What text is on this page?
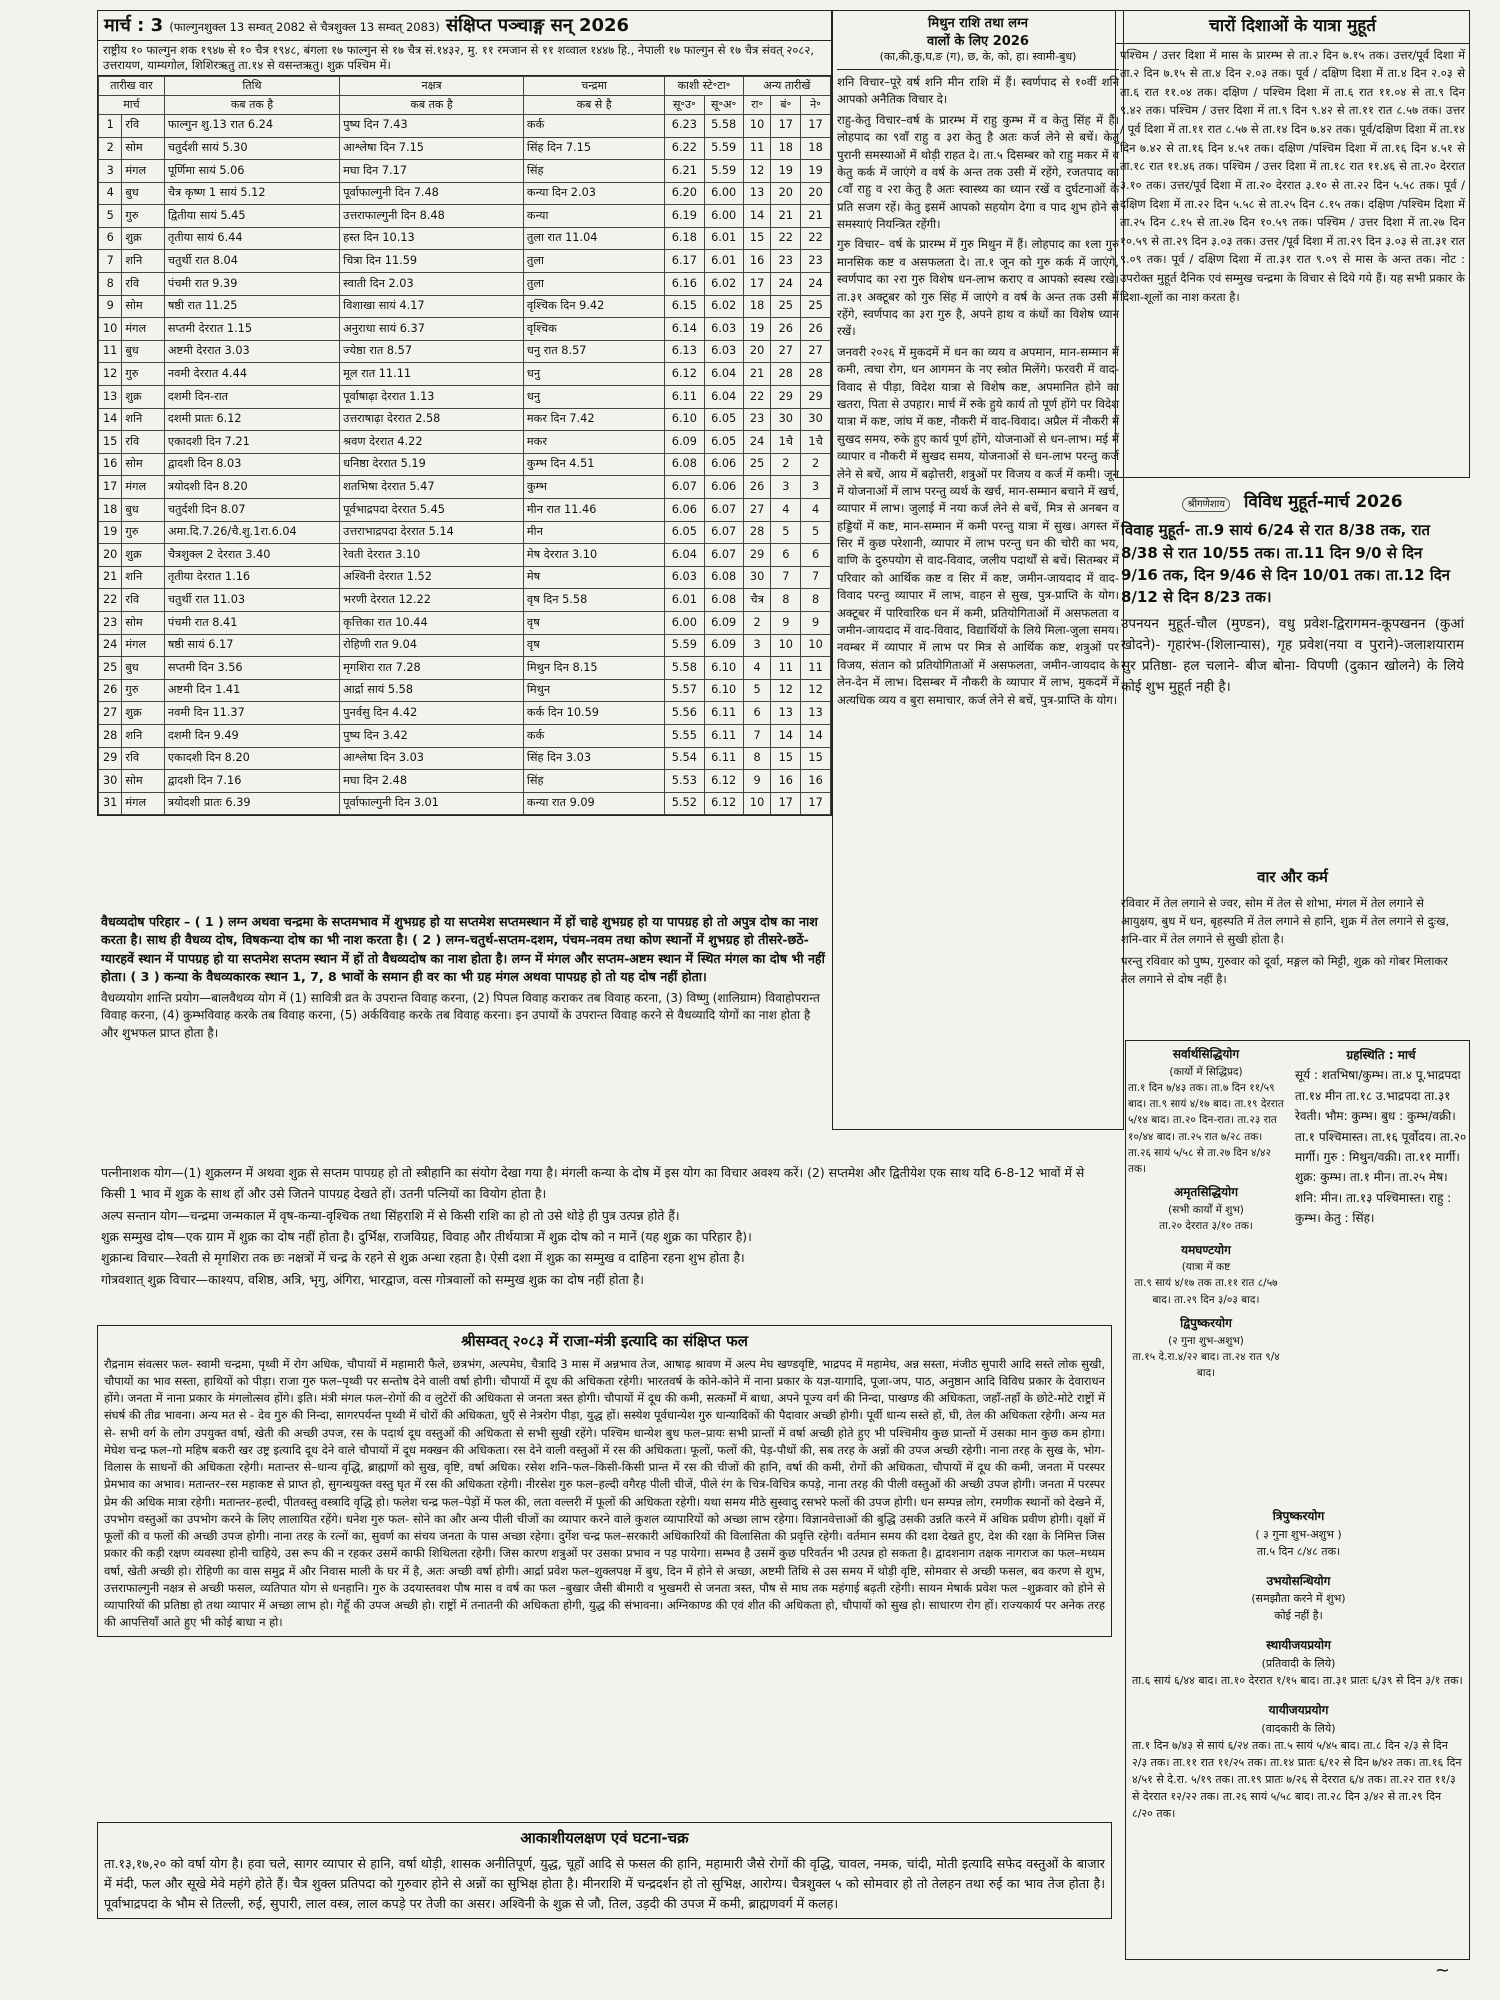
मार्च : 3 (फाल्गुनशुक्ल 13 सम्वत् 2082 से चैत्रशुक्ल 13 सम्वत् 2083) संक्षिप्त पञ्चाङ्ग सन् 2026
राष्ट्रीय १० फाल्गुन शक १९४७ से १० चैत्र १९४८, बंगला १७ फाल्गुन से १७ चैत्र सं.१४३२, मु. ११ रमजान से ११ शव्वाल १४४७ हि., नेपाली १७ फाल्गुन से १७ चैत्र संवत् २०८२, उत्तरायण, याम्यगोल, शिशिरऋतु ता.१४ से वसन्तऋतु। शुक्र पश्चिम में।
तारीख वार		तिथि	नक्षत्र	चन्द्रमा	काशी स्टे॰टा॰		अन्य तारीखें		
मार्च		कब तक है	कब तक है	कब से है	सू॰उ॰	सू॰अ॰	रा॰	बं॰	ने॰
1	रवि	फाल्गुन शु.13 रात 6.24	पुष्य दिन 7.43	कर्क	6.23	5.58	10	17	17
2	सोम	चतुर्दशी सायं 5.30	आश्लेषा दिन 7.15	सिंह दिन 7.15	6.22	5.59	11	18	18
3	मंगल	पूर्णिमा सायं 5.06	मघा दिन 7.17	सिंह	6.21	5.59	12	19	19
4	बुध	चैत्र कृष्ण 1 सायं 5.12	पूर्वाफाल्गुनी दिन 7.48	कन्या दिन 2.03	6.20	6.00	13	20	20
5	गुरु	द्वितीया सायं 5.45	उत्तराफाल्गुनी दिन 8.48	कन्या	6.19	6.00	14	21	21
6	शुक्र	तृतीया सायं 6.44	हस्त दिन 10.13	तुला रात 11.04	6.18	6.01	15	22	22
7	शनि	चतुर्थी रात 8.04	चित्रा दिन 11.59	तुला	6.17	6.01	16	23	23
8	रवि	पंचमी रात 9.39	स्वाती दिन 2.03	तुला	6.16	6.02	17	24	24
9	सोम	षष्ठी रात 11.25	विशाखा सायं 4.17	वृश्चिक दिन 9.42	6.15	6.02	18	25	25
10	मंगल	सप्तमी देररात 1.15	अनुराधा सायं 6.37	वृश्चिक	6.14	6.03	19	26	26
11	बुध	अष्टमी देररात 3.03	ज्येष्ठा रात 8.57	धनु रात 8.57	6.13	6.03	20	27	27
12	गुरु	नवमी देररात 4.44	मूल रात 11.11	धनु	6.12	6.04	21	28	28
13	शुक्र	दशमी दिन-रात	पूर्वाषाढ़ा देररात 1.13	धनु	6.11	6.04	22	29	29
14	शनि	दशमी प्रातः 6.12	उत्तराषाढ़ा देररात 2.58	मकर दिन 7.42	6.10	6.05	23	30	30
15	रवि	एकादशी दिन 7.21	श्रवण देररात 4.22	मकर	6.09	6.05	24	1चै	1चै
16	सोम	द्वादशी दिन 8.03	धनिष्ठा देररात 5.19	कुम्भ दिन 4.51	6.08	6.06	25	2	2
17	मंगल	त्रयोदशी दिन 8.20	शतभिषा देररात 5.47	कुम्भ	6.07	6.06	26	3	3
18	बुध	चतुर्दशी दिन 8.07	पूर्वभाद्रपदा देररात 5.45	मीन रात 11.46	6.06	6.07	27	4	4
19	गुरु	अमा.दि.7.26/चै.शु.1रा.6.04	उत्तराभाद्रपदा देररात 5.14	मीन	6.05	6.07	28	5	5
20	शुक्र	चैत्रशुक्ल 2 देररात 3.40	रेवती देररात 3.10	मेष देररात 3.10	6.04	6.07	29	6	6
21	शनि	तृतीया देररात 1.16	अश्विनी देररात 1.52	मेष	6.03	6.08	30	7	7
22	रवि	चतुर्थी रात 11.03	भरणी देररात 12.22	वृष दिन 5.58	6.01	6.08	चैत्र	8	8
23	सोम	पंचमी रात 8.41	कृत्तिका रात 10.44	वृष	6.00	6.09	2	9	9
24	मंगल	षष्ठी सायं 6.17	रोहिणी रात 9.04	वृष	5.59	6.09	3	10	10
25	बुध	सप्तमी दिन 3.56	मृगशिरा रात 7.28	मिथुन दिन 8.15	5.58	6.10	4	11	11
26	गुरु	अष्टमी दिन 1.41	आर्द्रा सायं 5.58	मिथुन	5.57	6.10	5	12	12
27	शुक्र	नवमी दिन 11.37	पुनर्वसु दिन 4.42	कर्क दिन 10.59	5.56	6.11	6	13	13
28	शनि	दशमी दिन 9.49	पुष्य दिन 3.42	कर्क	5.55	6.11	7	14	14
29	रवि	एकादशी दिन 8.20	आश्लेषा दिन 3.03	सिंह दिन 3.03	5.54	6.11	8	15	15
30	सोम	द्वादशी दिन 7.16	मघा दिन 2.48	सिंह	5.53	6.12	9	16	16
31	मंगल	त्रयोदशी प्रातः 6.39	पूर्वाफाल्गुनी दिन 3.01	कन्या रात 9.09	5.52	6.12	10	17	17

वैधव्यदोष परिहार – ( 1 ) लग्न अथवा चन्द्रमा के सप्तमभाव में शुभग्रह हो या सप्तमेश सप्तमस्थान में हों चाहे शुभग्रह हो या पापग्रह हो तो अपुत्र दोष का नाश करता है। साथ ही वैधव्य दोष, विषकन्या दोष का भी नाश करता है। ( 2 ) लग्न-चतुर्थ-सप्तम-दशम, पंचम-नवम तथा कोण स्थानों में शुभग्रह हो तीसरे-छठें-ग्यारहवें स्थान में पापग्रह हो या सप्तमेश सप्तम स्थान में हों तो वैधव्यदोष का नाश होता है। लग्न में मंगल और सप्तम-अष्टम स्थान में स्थित मंगल का दोष भी नहीं होता। ( 3 ) कन्या के वैधव्यकारक स्थान 1, 7, 8 भावों के समान ही वर का भी ग्रह मंगल अथवा पापग्रह हो तो यह दोष नहीं होता।

वैधव्ययोग शान्ति प्रयोग—बालवैधव्य योग में (1) सावित्री व्रत के उपरान्त विवाह करना, (2) पिपल विवाह कराकर तब विवाह करना, (3) विष्णु (शालिग्राम) विवाहोपरान्त विवाह करना, (4) कुम्भविवाह करके तब विवाह करना, (5) अर्कविवाह करके तब विवाह करना। इन उपायों के उपरान्त विवाह करने से वैधव्यादि योगों का नाश होता है और शुभफल प्राप्त होता है।

मिथुन राशि तथा लग्न
वालों के लिए 2026
(का,की,कु,घ,ङ (ग), छ, के, को, हा। स्वामी-बुध)

शनि विचार–पूरे वर्ष शनि मीन राशि में हैं। स्वर्णपाद से १०वीं शनि आपको अनैतिक विचार दे।

राहु-केतु विचार–वर्ष के प्रारम्भ में राहु कुम्भ में व केतु सिंह में हैं। लोहपाद का ९वाँ राहु व ३रा केतु है अतः कर्ज लेने से बचें। केतु पुरानी समस्याओं में थोड़ी राहत दे। ता.५ दिसम्बर को राहु मकर में व केतु कर्क में जाएंगे व वर्ष के अन्त तक उसी में रहेंगे, रजतपाद का ८वाँ राहु व २रा केतु है अतः स्वास्थ्य का ध्यान रखें व दुर्घटनाओं के प्रति सजग रहें। केतु इसमें आपको सहयोग देगा व पाद शुभ होने से समस्याएं नियन्त्रित रहेंगी।

गुरु विचार– वर्ष के प्रारम्भ में गुरु मिथुन में हैं। लोहपाद का १ला गुरु मानसिक कष्ट व असफलता दे। ता.१ जून को गुरु कर्क में जाएंगे, स्वर्णपाद का २रा गुरु विशेष धन-लाभ कराए व आपको स्वस्थ रखे। ता.३१ अक्टूबर को गुरु सिंह में जाएंगे व वर्ष के अन्त तक उसी में रहेंगे, स्वर्णपाद का ३रा गुरु है, अपने हाथ व कंधों का विशेष ध्यान रखें।

जनवरी २०२६ में मुकदमें में धन का व्यय व अपमान, मान-सम्मान में कमी, त्वचा रोग, धन आगमन के नए स्त्रोत मिलेंगे। फरवरी में वाद-विवाद से पीड़ा, विदेश यात्रा से विशेष कष्ट, अपमानित होने का खतरा, पिता से उपहार। मार्च में रुके हुये कार्य तो पूर्ण होंगे पर विदेश यात्रा में कष्ट, जांघ में कष्ट, नौकरी में वाद-विवाद। अप्रैल में नौकरी में सुखद समय, रुके हुए कार्य पूर्ण होंगे, योजनाओं से धन-लाभ। मई में व्यापार व नौकरी में सुखद समय, योजनाओं से धन-लाभ परन्तु कर्ज लेने से बचें, आय में बढ़ोत्तरी, शत्रुओं पर विजय व कर्ज में कमी। जून में योजनाओं में लाभ परन्तु व्यर्थ के खर्च, मान-सम्मान बचाने में खर्च, व्यापार में लाभ। जुलाई में नया कर्ज लेने से बचें, मित्र से अनबन व हड्डियों में कष्ट, मान-सम्मान में कमी परन्तु यात्रा में सुख। अगस्त में सिर में कुछ परेशानी, व्यापार में लाभ परन्तु धन की चोरी का भय, वाणि के दुरुपयोग से वाद-विवाद, जलीय पदार्थों से बचें। सितम्बर में परिवार को आर्थिक कष्ट व सिर में कष्ट, जमीन-जायदाद में वाद-विवाद परन्तु व्यापार में लाभ, वाहन से सुख, पुत्र-प्राप्ति के योग। अक्टूबर में पारिवारिक धन में कमी, प्रतियोगिताओं में असफलता व जमीन-जायदाद में वाद-विवाद, विद्यार्थियों के लिये मिला-जुला समय। नवम्बर में व्यापार में लाभ पर मित्र से आर्थिक कष्ट, शत्रुओं पर विजय, संतान को प्रतियोगिताओं में असफलता, जमीन-जायदाद के लेन-देन में लाभ। दिसम्बर में नौकरी के व्यापार में लाभ, मुकदमें में अत्यधिक व्यय व बुरा समाचार, कर्ज लेने से बचें, पुत्र-प्राप्ति के योग।

चारों दिशाओं के यात्रा मुहूर्त

पश्चिम / उत्तर दिशा में मास के प्रारम्भ से ता.२ दिन ७.१५ तक। उत्तर/पूर्व दिशा में ता.२ दिन ७.१५ से ता.४ दिन २.०३ तक। पूर्व / दक्षिण दिशा में ता.४ दिन २.०३ से ता.६ रात ११.०४ तक। दक्षिण / पश्चिम दिशा में ता.६ रात ११.०४ से ता.९ दिन ९.४२ तक। पश्चिम / उत्तर दिशा में ता.९ दिन ९.४२ से ता.११ रात ८.५७ तक। उत्तर / पूर्व दिशा में ता.११ रात ८.५७ से ता.१४ दिन ७.४२ तक। पूर्व/दक्षिण दिशा में ता.१४ दिन ७.४२ से ता.१६ दिन ४.५१ तक। दक्षिण /पश्चिम दिशा में ता.१६ दिन ४.५१ से ता.१८ रात ११.४६ तक। पश्चिम / उत्तर दिशा में ता.१८ रात ११.४६ से ता.२० देररात ३.१० तक। उत्तर/पूर्व दिशा में ता.२० देररात ३.१० से ता.२२ दिन ५.५८ तक। पूर्व / दक्षिण दिशा में ता.२२ दिन ५.५८ से ता.२५ दिन ८.१५ तक। दक्षिण /पश्चिम दिशा में ता.२५ दिन ८.१५ से ता.२७ दिन १०.५९ तक। पश्चिम / उत्तर दिशा में ता.२७ दिन १०.५९ से ता.२९ दिन ३.०३ तक। उत्तर /पूर्व दिशा में ता.२९ दिन ३.०३ से ता.३१ रात ९.०९ तक। पूर्व / दक्षिण दिशा में ता.३१ रात ९.०९ से मास के अन्त तक। नोट : उपरोक्त मुहूर्त दैनिक एवं सम्मुख चन्द्रमा के विचार से दिये गये हैं। यह सभी प्रकार के दिशा-शूलों का नाश करता है।

श्रीगणेशाय विविध मुहूर्त-मार्च 2026

विवाह मुहूर्त- ता.9 सायं 6/24 से रात 8/38 तक, रात 8/38 से रात 10/55 तक। ता.11 दिन 9/0 से दिन 9/16 तक, दिन 9/46 से दिन 10/01 तक। ता.12 दिन 8/12 से दिन 8/23 तक।

उपनयन मुहूर्त-चौल (मुण्डन), वधु प्रवेश-द्विरागमन-कूपखनन (कुआं खोदने)- गृहारंभ-(शिलान्यास), गृह प्रवेश(नया व पुराने)-जलाशयाराम सुर प्रतिष्ठा- हल चलाने- बीज बोना- विपणी (दुकान खोलने) के लिये कोई शुभ मुहूर्त नही है।

वार और कर्म

रविवार में तेल लगाने से ज्वर, सोम में तेल से शोभा, मंगल में तेल लगाने से आयुक्षय, बुध में धन, बृहस्पति में तेल लगाने से हानि, शुक्र में तेल लगाने से दुःख, शनि-वार में तेल लगाने से सुखी होता है।

परन्तु रविवार को पुष्प, गुरुवार को दूर्वा, मङ्गल को मिट्टी, शुक्र को गोबर मिलाकर तेल लगाने से दोष नहीं है।

सर्वार्थसिद्धियोग
(कार्यो में सिद्धिप्रद)
ता.१ दिन ७/४३ तक। ता.७ दिन ११/५९ बाद। ता.९ सायं ४/१७ बाद। ता.१९ देररात ५/१४ बाद। ता.२० दिन-रात। ता.२३ रात १०/४४ बाद। ता.२५ रात ७/२८ तक। ता.२६ सायं ५/५८ से ता.२७ दिन ४/४२ तक।
अमृतसिद्धियोग
(सभी कार्यों में शुभ)
ता.२० देररात ३/१० तक।
यमघण्टयोग
(यात्रा में कष्ट
ता.९ सायं ४/१७ तक ता.११ रात ८/५७ बाद। ता.२९ दिन ३/०३ बाद।
द्विपुष्करयोग
(२ गुना शुभ-अशुभ)
ता.१५ दे.रा.४/२२ बाद। ता.२४ रात ९/४ बाद।
ग्रहस्थिति : मार्च
सूर्य : शतभिषा/कुम्भ। ता.४ पू.भाद्रपदा ता.१४ मीन ता.१८ उ.भाद्रपदा ता.३१ रेवती। भौम: कुम्भ। बुध : कुम्भ/वक्री। ता.१ पश्चिमास्त। ता.१६ पूर्वोदय। ता.२० मार्गी। गुरु : मिथुन/वक्री। ता.११ मार्गी। शुक्र: कुम्भ। ता.१ मीन। ता.२५ मेष। शनि: मीन। ता.१३ पश्चिमास्त। राहु : कुम्भ। केतु : सिंह।
त्रिपुष्करयोग
( ३ गुना शुभ-अशुभ )
ता.५ दिन ८/४८ तक।
उभयोसन्धियोग
(समझौता करने में शुभ)
कोई नहीं है।
स्थायीजयप्रयोग
(प्रतिवादी के लिये)
ता.६ सायं ६/४४ बाद। ता.१० देररात १/१५ बाद। ता.३१ प्रातः ६/३९ से दिन ३/१ तक।
यायीजयप्रयोग
(वादकारी के लिये)
ता.१ दिन ७/४३ से सायं ६/२४ तक। ता.५ सायं ५/४५ बाद। ता.८ दिन २/३ से दिन २/३ तक। ता.११ रात ११/२५ तक। ता.१४ प्रातः ६/१२ से दिन ७/४२ तक। ता.१६ दिन ४/५१ से दे.रा. ५/१९ तक। ता.१९ प्रातः ७/२६ से देररात ६/४ तक। ता.२२ रात ११/३ से देररात १२/२२ तक। ता.२६ सायं ५/५८ बाद। ता.२८ दिन ३/४२ से ता.२९ दिन ८/२० तक।

पत्नीनाशक योग—(1) शुक्रलग्न में अथवा शुक्र से सप्तम पापग्रह हो तो स्त्रीहानि का संयोग देखा गया है। मंगली कन्या के दोष में इस योग का विचार अवश्य करें। (2) सप्तमेश और द्वितीयेश एक साथ यदि 6-8-12 भावों में से किसी 1 भाव में शुक्र के साथ हों और उसे जितने पापग्रह देखते हों। उतनी पत्नियों का वियोग होता है।

अल्प सन्तान योग—चन्द्रमा जन्मकाल में वृष-कन्या-वृश्चिक तथा सिंहराशि में से किसी राशि का हो तो उसे थोड़े ही पुत्र उत्पन्न होते हैं।

शुक्र सम्मुख दोष—एक ग्राम में शुक्र का दोष नहीं होता है। दुर्भिक्ष, राजविग्रह, विवाह और तीर्थयात्रा में शुक्र दोष को न मानें (यह शुक्र का परिहार है)।

शुक्रान्ध विचार—रेवती से मृगशिरा तक छः नक्षत्रों में चन्द्र के रहने से शुक्र अन्धा रहता है। ऐसी दशा में शुक्र का सम्मुख व दाहिना रहना शुभ होता है।

गोत्रवशात् शुक्र विचार—काश्यप, वशिष्ठ, अत्रि, भृगु, अंगिरा, भारद्वाज, वत्स गोत्रवालों को सम्मुख शुक्र का दोष नहीं होता है।

श्रीसम्वत् २०८३ में राजा-मंत्री इत्यादि का संक्षिप्त फल

रौद्रनाम संवत्सर फल- स्वामी चन्द्रमा, पृथ्वी में रोग अधिक, चौपायों में महामारी फैले, छत्रभंग, अल्पमेघ, चैत्रादि 3 मास में अन्नभाव तेज, आषाढ़ श्रावण में अल्प मेघ खण्डवृष्टि, भाद्रपद में महामेघ, अन्न सस्ता, मंजीठ सुपारी आदि सस्ते लोक सुखी, चौपायों का भाव सस्ता, हाथियों को पीड़ा। राजा गुरु फल–पृथ्वी पर सन्तोष देने वाली वर्षा होगी। चौपायों में दूध की अधिकता रहेगी। भारतवर्ष के कोने-कोने में नाना प्रकार के यज्ञ-यागादि, पूजा-जप, पाठ, अनुष्ठान आदि विविध प्रकार के देवाराधन होंगे। जनता में नाना प्रकार के मंगलोत्सव होंगे। इति। मंत्री मंगल फल–रोगों की व लुटेरों की अधिकता से जनता त्रस्त होगी। चौपायों में दूध की कमी, सत्कर्मों में बाधा, अपने पूज्य वर्ग की निन्दा, पाखण्ड की अधिकता, जहाँ-तहाँ के छोटे-मोटे राष्ट्रों में संघर्ष की तीव्र भावना। अन्य मत से - देव गुरु की निन्दा, सागरपर्यन्त पृथ्वी में चोरों की अधिकता, धुएँ से नेत्ररोग पीड़ा, युद्ध हों। सस्येश पूर्वधान्येश गुरु धान्यादिकों की पैदावार अच्छी होगी। पूर्वी धान्य सस्ते हों, घी, तेल की अधिकता रहेगी। अन्य मत से- सभी वर्ग के लोग उपयुक्त वर्षा, खेती की अच्छी उपज, रस के पदार्थ दूध वस्तुओं की अधिकता से सभी सुखी रहेंगे। पश्चिम धान्येश बुध फल–प्रायः सभी प्रान्तों में वर्षा अच्छी होते हुए भी पश्चिमीय कुछ प्रान्तों में उसका मान कुछ कम होगा। मेघेश चन्द्र फल–गो महिष बकरी खर उष्ट्र इत्यादि दूध देने वाले चौपायों में दूध मक्खन की अधिकता। रस देने वाली वस्तुओं में रस की अधिकता। फूलों, फलों की, पेड़-पौधों की, सब तरह के अन्नों की उपज अच्छी रहेगी। नाना तरह के सुख के, भोग-विलास के साधनों की अधिकता रहेगी। मतान्तर से–धान्य वृद्धि, ब्राह्मणों को सुख, वृष्टि, वर्षा अधिक। रसेश शनि–फल–किसी-किसी प्रान्त में रस की चीजों की हानि, वर्षा की कमी, रोगों की अधिकता, चौपायों में दूध की कमी, जनता में परस्पर प्रेमभाव का अभाव। मतान्तर–रस महाकष्ट से प्राप्त हो, सुगन्धयुक्त वस्तु घृत में रस की अधिकता रहेगी। नीरसेश गुरु फल–हल्दी वगैरह पीली चीजें, पीले रंग के चित्र-विचित्र कपड़े, नाना तरह की पीली वस्तुओं की अच्छी उपज होगी। जनता में परस्पर प्रेम की अधिक मात्रा रहेगी। मतान्तर–हल्दी, पीतवस्तु वस्त्रादि वृद्धि हो। फलेश चन्द्र फल–पेड़ों में फल की, लता वल्लरी में फूलों की अधिकता रहेगी। यथा समय मीठे सुस्वादु रसभरे फलों की उपज होगी। धन सम्पन्न लोग, रमणीक स्थानों को देखने में, उपभोग वस्तुओं का उपभोग करने के लिए लालायित रहेंगे। धनेश गुरु फल- सोने का और अन्य पीली चीजों का व्यापार करने वाले कुशल व्यापारियों को अच्छा लाभ रहेगा। विज्ञानवेत्ताओं की बुद्धि उसकी उन्नति करने में अधिक प्रवीण होगी। वृक्षों में फूलों की व फलों की अच्छी उपज होगी। नाना तरह के रत्नों का, सुवर्ण का संचय जनता के पास अच्छा रहेगा। दुर्गेश चन्द्र फल–सरकारी अधिकारियों की विलासिता की प्रवृत्ति रहेगी। वर्तमान समय की दशा देखते हुए, देश की रक्षा के निमित्त जिस प्रकार की कड़ी रक्षण व्यवस्था होनी चाहिये, उस रूप की न रहकर उसमें काफी शिथिलता रहेगी। जिस कारण शत्रुओं पर उसका प्रभाव न पड़ पायेगा। सम्भव है उसमें कुछ परिवर्तन भी उत्पन्न हो सकता है। द्वादशनाग तक्षक नागराज का फल–मध्यम वर्षा, खेती अच्छी हो। रोहिणी का वास समुद्र में और निवास माली के घर में है, अतः अच्छी वर्षा होगी। आर्द्रा प्रवेश फल–शुक्लपक्ष में बुध, दिन में होने से अच्छा, अष्टमी तिथि से उस समय में थोड़ी वृष्टि, सोमवार से अच्छी फसल, बव करण से शुभ, उत्तराफाल्गुनी नक्षत्र से अच्छी फसल, व्यतिपात योग से धनहानि। गुरु के उदयास्तवश पौष मास व वर्ष का फल –बुखार जैसी बीमारी व भुखमरी से जनता त्रस्त, पौष से माघ तक महंगाई बढ़ती रहेगी। सायन मेषार्क प्रवेश फल –शुक्रवार को होने से व्यापारियों की प्रतिष्ठा हो तथा व्यापार में अच्छा लाभ हो। गेहूँ की उपज अच्छी हो। राष्ट्रों में तनातनी की अधिकता होगी, युद्ध की संभावना। अग्निकाण्ड की एवं शीत की अधिकता हो, चौपायों को सुख हो। साधारण रोग हों। राज्यकार्य पर अनेक तरह की आपत्तियाँ आते हुए भी कोई बाधा न हो।

आकाशीयलक्षण एवं घटना-चक्र

ता.१३,१७,२० को वर्षा योग है। हवा चले, सागर व्यापार से हानि, वर्षा थोड़ी, शासक अनीतिपूर्ण, युद्ध, चूहों आदि से फसल की हानि, महामारी जैसे रोगों की वृद्धि, चावल, नमक, चांदी, मोती इत्यादि सफेद वस्तुओं के बाजार में मंदी, फल और सूखे मेवे महंगे होते हैं। चैत्र शुक्ल प्रतिपदा को गुरुवार होने से अन्नों का सुभिक्ष होता है। मीनराशि में चन्द्रदर्शन हो तो सुभिक्ष, आरोग्य। चैत्रशुक्ल ५ को सोमवार हो तो तेलहन तथा रुई का भाव तेज होता है। पूर्वाभाद्रपदा के भौम से तिल्ली, रुई, सुपारी, लाल वस्त्र, लाल कपड़े पर तेजी का असर। अश्विनी के शुक्र से जौ, तिल, उड़दी की उपज में कमी, ब्राह्मणवर्ग में कलह।

~
